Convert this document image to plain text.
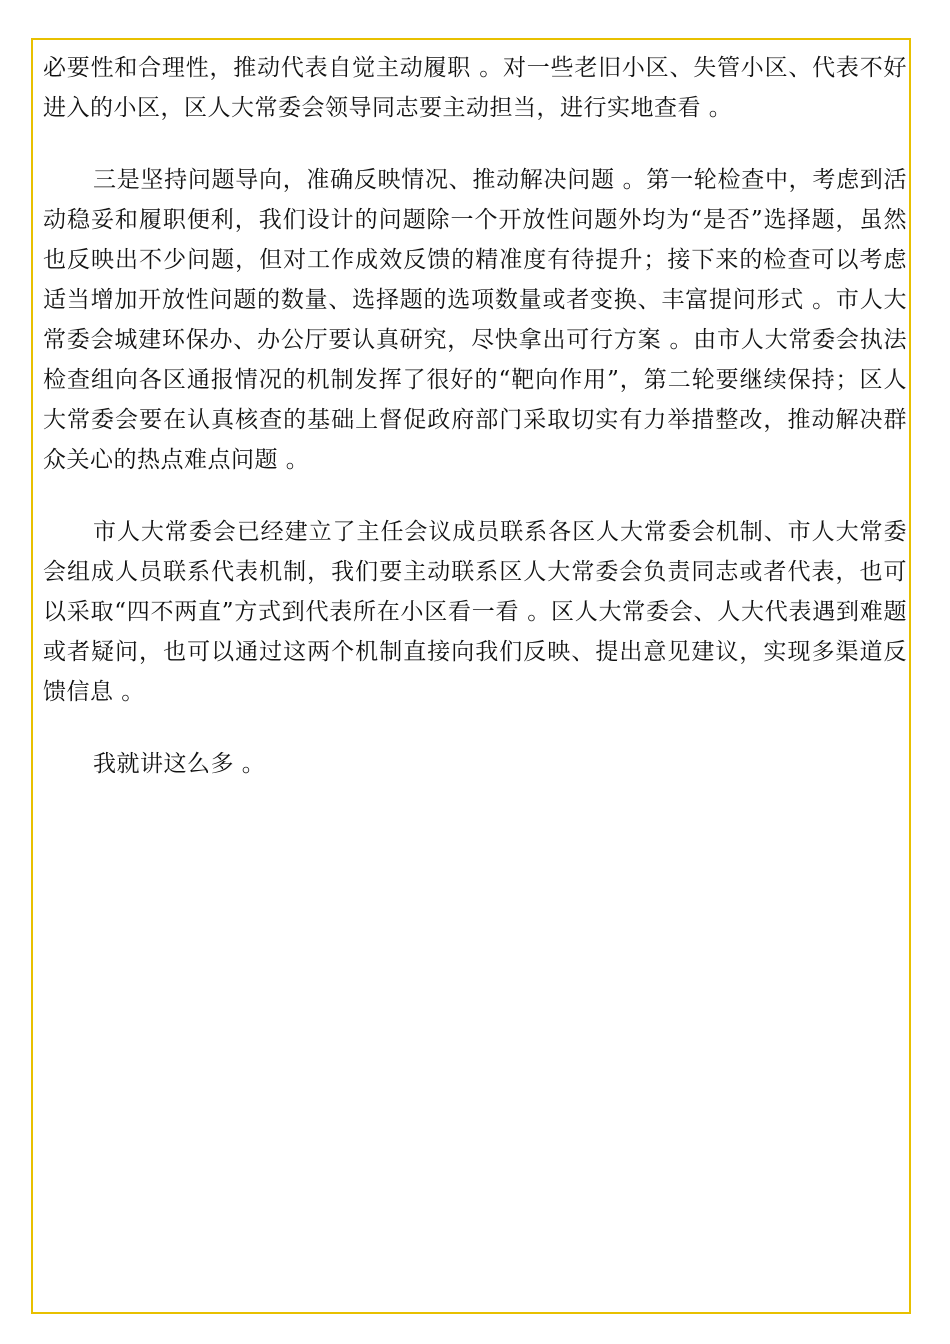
必要性和合理性，推动代表自觉主动履职 。对一些老旧小区、失管小区、代表不好进入的小区，区人大常委会领导同志要主动担当，进行实地查看 。

三是坚持问题导向，准确反映情况、推动解决问题 。第一轮检查中，考虑到活动稳妥和履职便利，我们设计的问题除一个开放性问题外均为“是否”选择题，虽然也反映出不少问题，但对工作成效反馈的精准度有待提升；接下来的检查可以考虑适当增加开放性问题的数量、选择题的选项数量或者变换、丰富提问形式 。市人大常委会城建环保办、办公厅要认真研究，尽快拿出可行方案 。由市人大常委会执法检查组向各区通报情况的机制发挥了很好的“靶向作用”，第二轮要继续保持；区人大常委会要在认真核查的基础上督促政府部门采取切实有力举措整改，推动解决群众关心的热点难点问题 。

市人大常委会已经建立了主任会议成员联系各区人大常委会机制、市人大常委会组成人员联系代表机制，我们要主动联系区人大常委会负责同志或者代表，也可以采取“四不两直”方式到代表所在小区看一看 。区人大常委会、人大代表遇到难题或者疑问，也可以通过这两个机制直接向我们反映、提出意见建议，实现多渠道反馈信息 。

我就讲这么多 。
